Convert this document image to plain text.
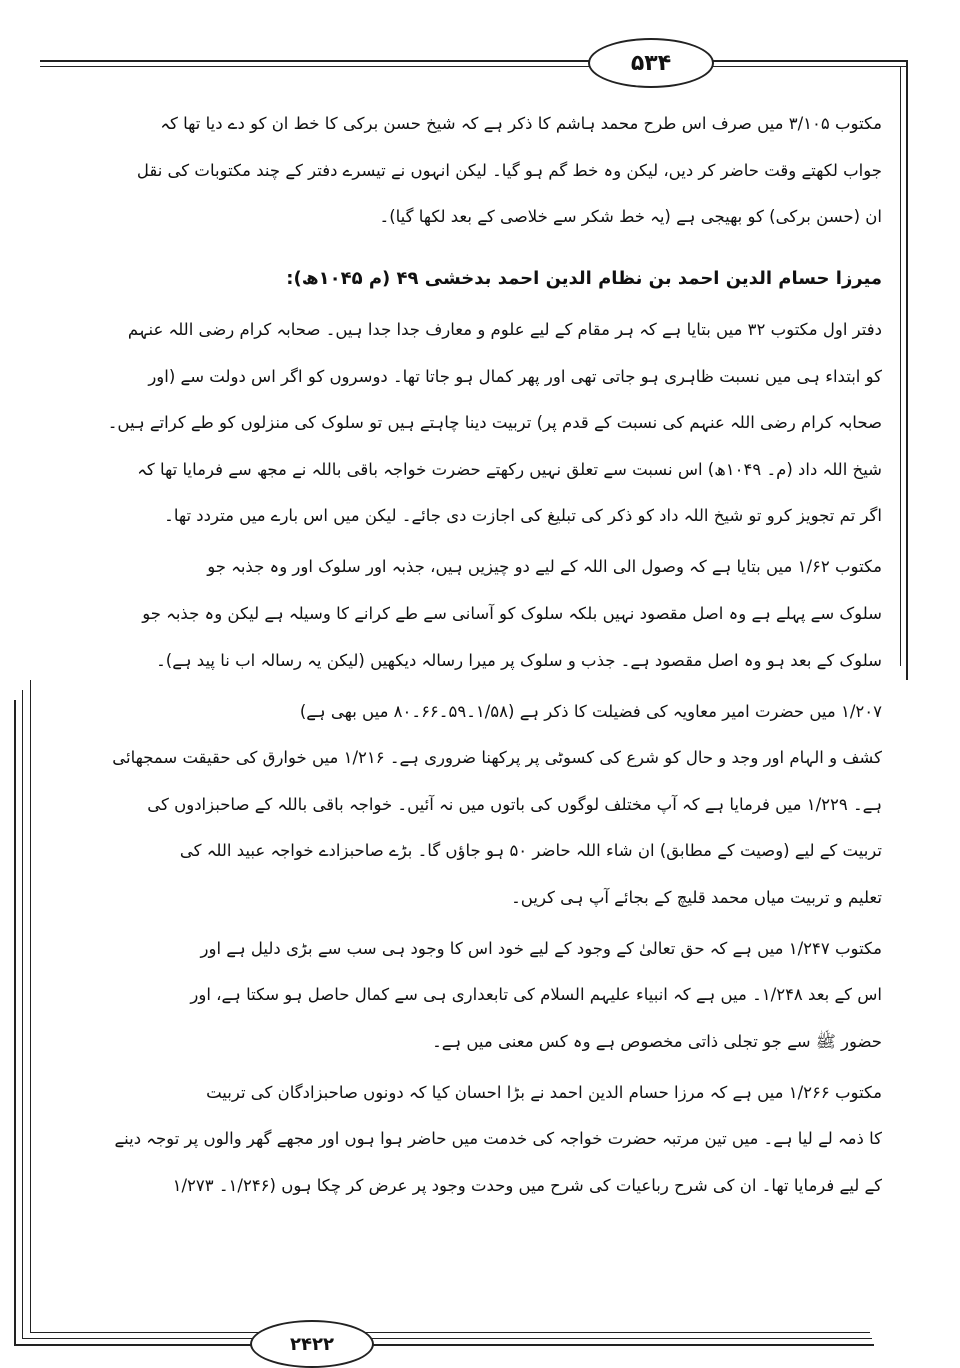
۵۳۴
۲۴۲۲
مکتوب ۳/۱۰۵ میں صرف اس طرح محمد ہاشم کا ذکر ہے کہ شیخ حسن برکی کا خط ان کو دے دیا تھا کہ
جواب لکھتے وقت حاضر کر دیں، لیکن وہ خط گم ہو گیا۔ لیکن انہوں نے تیسرے دفتر کے چند مکتوبات کی نقل
ان (حسن برکی) کو بھیجی ہے (یہ خط شکر سے خلاصی کے بعد لکھا گیا)۔
میرزا حسام الدین احمد بن نظام الدین احمد بدخشی ۴۹ (م ۱۰۴۵ھ):
دفتر اول مکتوب ۳۲ میں بتایا ہے کہ ہر مقام کے لیے علوم و معارف جدا جدا ہیں۔ صحابہ کرام رضی اللہ عنہم
کو ابتداء ہی میں نسبت ظاہری ہو جاتی تھی اور پھر کمال ہو جاتا تھا۔ دوسروں کو اگر اس دولت سے (اور
صحابہ کرام رضی اللہ عنہم کی نسبت کے قدم پر) تربیت دینا چاہتے ہیں تو سلوک کی منزلوں کو طے کراتے ہیں۔
شیخ اللہ داد (م۔ ۱۰۴۹ھ) اس نسبت سے تعلق نہیں رکھتے حضرت خواجہ باقی باللہ نے مجھ سے فرمایا تھا کہ
اگر تم تجویز کرو تو شیخ اللہ داد کو ذکر کی تبلیغ کی اجازت دی جائے۔ لیکن میں اس بارے میں متردد تھا۔
مکتوب ۱/۶۲ میں بتایا ہے کہ وصول الی اللہ کے لیے دو چیزیں ہیں، جذبہ اور سلوک اور وہ جذبہ جو
سلوک سے پہلے ہے وہ اصل مقصود نہیں بلکہ سلوک کو آسانی سے طے کرانے کا وسیلہ ہے لیکن وہ جذبہ جو
سلوک کے بعد ہو وہ اصل مقصود ہے۔ جذب و سلوک پر میرا رسالہ دیکھیں (لیکن یہ رسالہ اب نا پید ہے)۔
۱/۲۰۷ میں حضرت امیر معاویہ کی فضیلت کا ذکر ہے (۱/۵۸۔۵۹۔۶۶۔۸۰ میں بھی ہے)
کشف و الہام اور وجد و حال کو شرع کی کسوٹی پر پرکھنا ضروری ہے۔ ۱/۲۱۶ میں خوارق کی حقیقت سمجھائی
ہے۔ ۱/۲۲۹ میں فرمایا ہے کہ آپ مختلف لوگوں کی باتوں میں نہ آئیں۔ خواجہ باقی باللہ کے صاحبزادوں کی
تربیت کے لیے (وصیت کے مطابق) ان شاء اللہ حاضر ۵۰ ہو جاؤں گا۔ بڑے صاحبزادے خواجہ عبید اللہ کی
تعلیم و تربیت میاں محمد قلیچ کے بجائے آپ ہی کریں۔
مکتوب ۱/۲۴۷ میں ہے کہ حق تعالیٰ کے وجود کے لیے خود اس کا وجود ہی سب سے بڑی دلیل ہے اور
اس کے بعد ۱/۲۴۸۔ میں ہے کہ انبیاء علیہم السلام کی تابعداری ہی سے کمال حاصل ہو سکتا ہے، اور
حضور ﷺ سے جو تجلی ذاتی مخصوص ہے وہ کس معنی میں ہے۔
مکتوب ۱/۲۶۶ میں ہے کہ مرزا حسام الدین احمد نے بڑا احسان کیا کہ دونوں صاحبزادگان کی تربیت
کا ذمہ لے لیا ہے۔ میں تین مرتبہ حضرت خواجہ کی خدمت میں حاضر ہوا ہوں اور مجھے گھر والوں پر توجہ دینے
کے لیے فرمایا تھا۔ ان کی شرح رباعیات کی شرح میں وحدت وجود پر عرض کر چکا ہوں (۱/۲۴۶۔ ۱/۲۷۳
